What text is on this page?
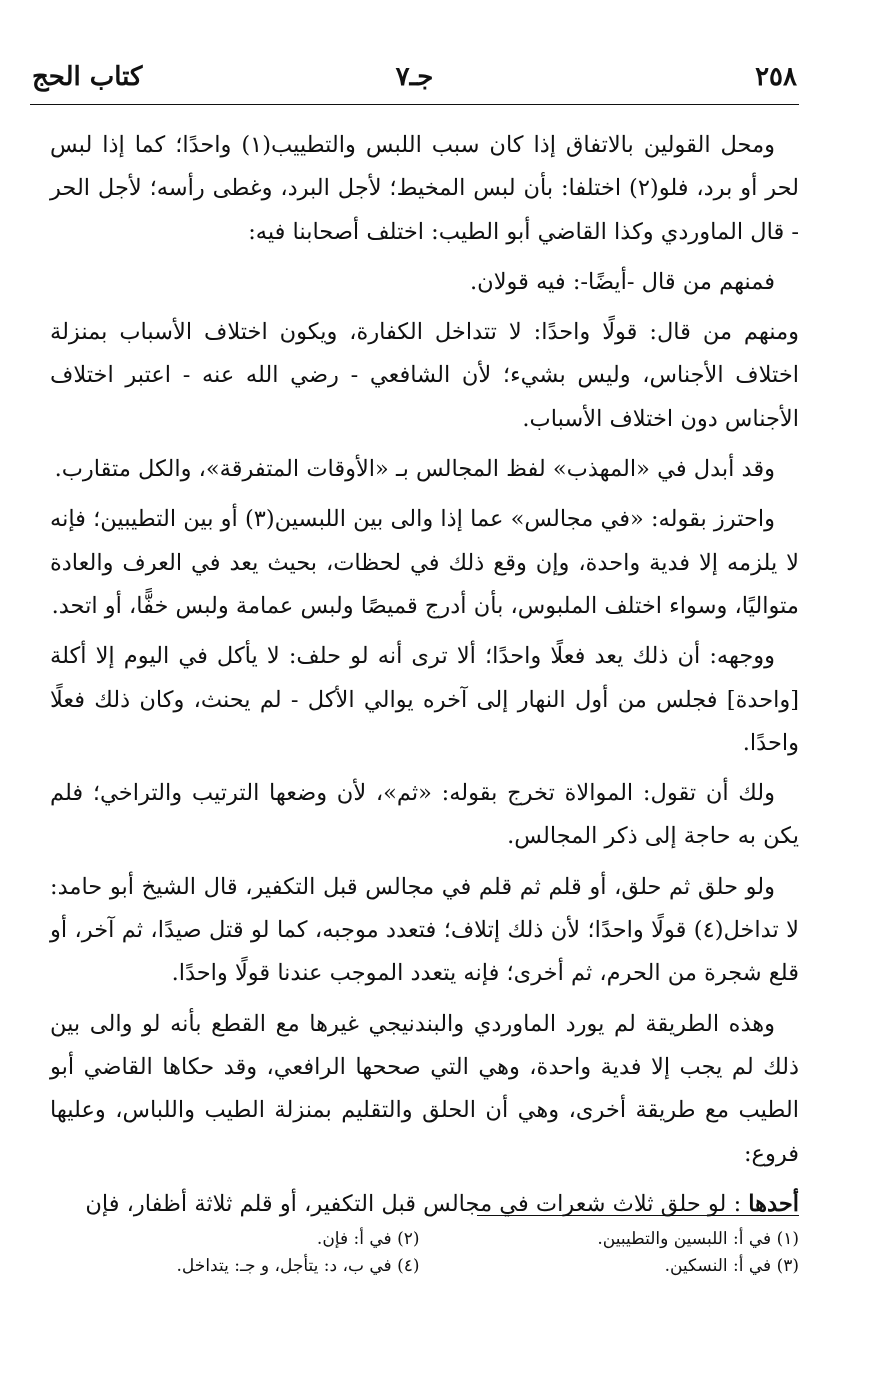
٢٥٨
جـ٧
كتاب الحج

ومحل القولين بالاتفاق إذا كان سبب اللبس والتطييب(١) واحدًا؛ كما إذا لبس لحر أو برد، فلو(٢) اختلفا: بأن لبس المخيط؛ لأجل البرد، وغطى رأسه؛ لأجل الحر - قال الماوردي وكذا القاضي أبو الطيب: اختلف أصحابنا فيه:

فمنهم من قال -أيضًا-: فيه قولان.

ومنهم من قال: قولًا واحدًا: لا تتداخل الكفارة، ويكون اختلاف الأسباب بمنزلة اختلاف الأجناس، وليس بشيء؛ لأن الشافعي - رضي الله عنه - اعتبر اختلاف الأجناس دون اختلاف الأسباب.

وقد أبدل في «المهذب» لفظ المجالس بـ «الأوقات المتفرقة»، والكل متقارب.

واحترز بقوله: «في مجالس» عما إذا والى بين اللبسين(٣) أو بين التطيبين؛ فإنه لا يلزمه إلا فدية واحدة، وإن وقع ذلك في لحظات، بحيث يعد في العرف والعادة متواليًا، وسواء اختلف الملبوس، بأن أدرج قميصًا ولبس عمامة ولبس خفًّا، أو اتحد.

ووجهه: أن ذلك يعد فعلًا واحدًا؛ ألا ترى أنه لو حلف: لا يأكل في اليوم إلا أكلة [واحدة] فجلس من أول النهار إلى آخره يوالي الأكل - لم يحنث، وكان ذلك فعلًا واحدًا.

ولك أن تقول: الموالاة تخرج بقوله: «ثم»، لأن وضعها الترتيب والتراخي؛ فلم يكن به حاجة إلى ذكر المجالس.

ولو حلق ثم حلق، أو قلم ثم قلم في مجالس قبل التكفير، قال الشيخ أبو حامد: لا تداخل(٤) قولًا واحدًا؛ لأن ذلك إتلاف؛ فتعدد موجبه، كما لو قتل صيدًا، ثم آخر، أو قلع شجرة من الحرم، ثم أخرى؛ فإنه يتعدد الموجب عندنا قولًا واحدًا.

وهذه الطريقة لم يورد الماوردي والبندنيجي غيرها مع القطع بأنه لو والى بين ذلك لم يجب إلا فدية واحدة، وهي التي صححها الرافعي، وقد حكاها القاضي أبو الطيب مع طريقة أخرى، وهي أن الحلق والتقليم بمنزلة الطيب واللباس، وعليها فروع:

أحدها : لو حلق ثلاث شعرات في مجالس قبل التكفير، أو قلم ثلاثة أظفار، فإن

(١) في أ: اللبسين والتطيبين.
(٢) في أ: فإن.
(٣) في أ: النسكين.
(٤) في ب، د: يتأجل، و جـ: يتداخل.
